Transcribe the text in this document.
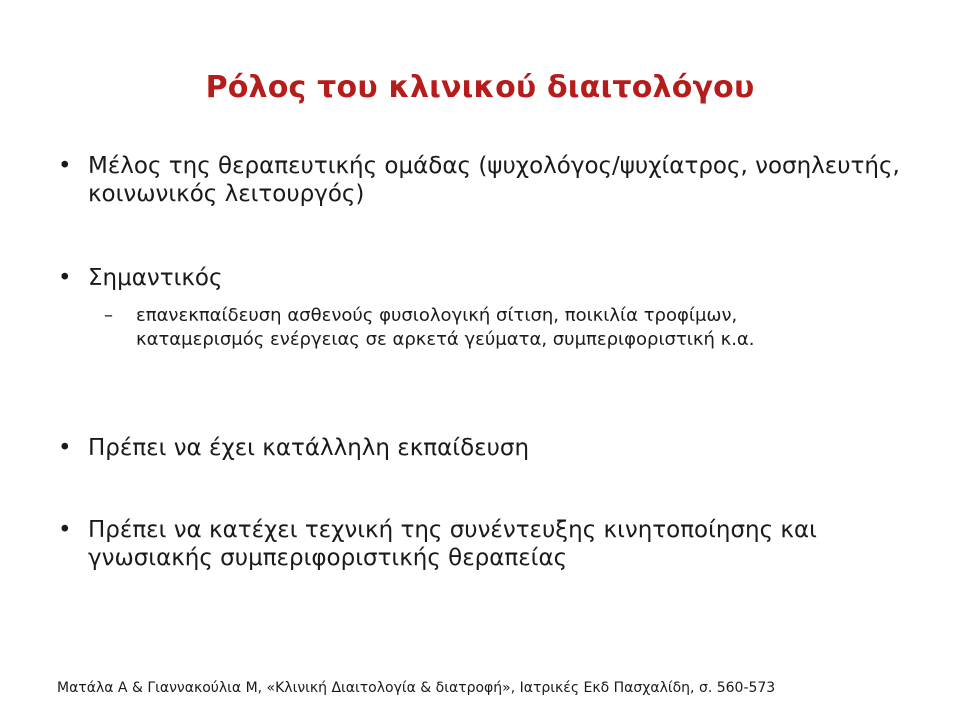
Ρόλος του κλινικού διαιτολόγου
• Μέλος της θεραπευτικής ομάδας (ψυχολόγος/ψυχίατρος, νοσηλευτής, κοινωνικός λειτουργός)
• Σημαντικός
–	επανεκπαίδευση ασθενούς φυσιολογική σίτιση, ποικιλία τροφίμων, καταμερισμός ενέργειας σε αρκετά γεύματα, συμπεριφοριστική κ.α.
• Πρέπει να έχει κατάλληλη εκπαίδευση
• Πρέπει να κατέχει τεχνική της συνέντευξης κινητοποίησης και γνωσιακής συμπεριφοριστικής θεραπείας
Ματάλα Α & Γιαννακούλια Μ, «Κλινική Διαιτολογία & διατροφή», Ιατρικές Εκδ Πασχαλίδη, σ. 560-573
